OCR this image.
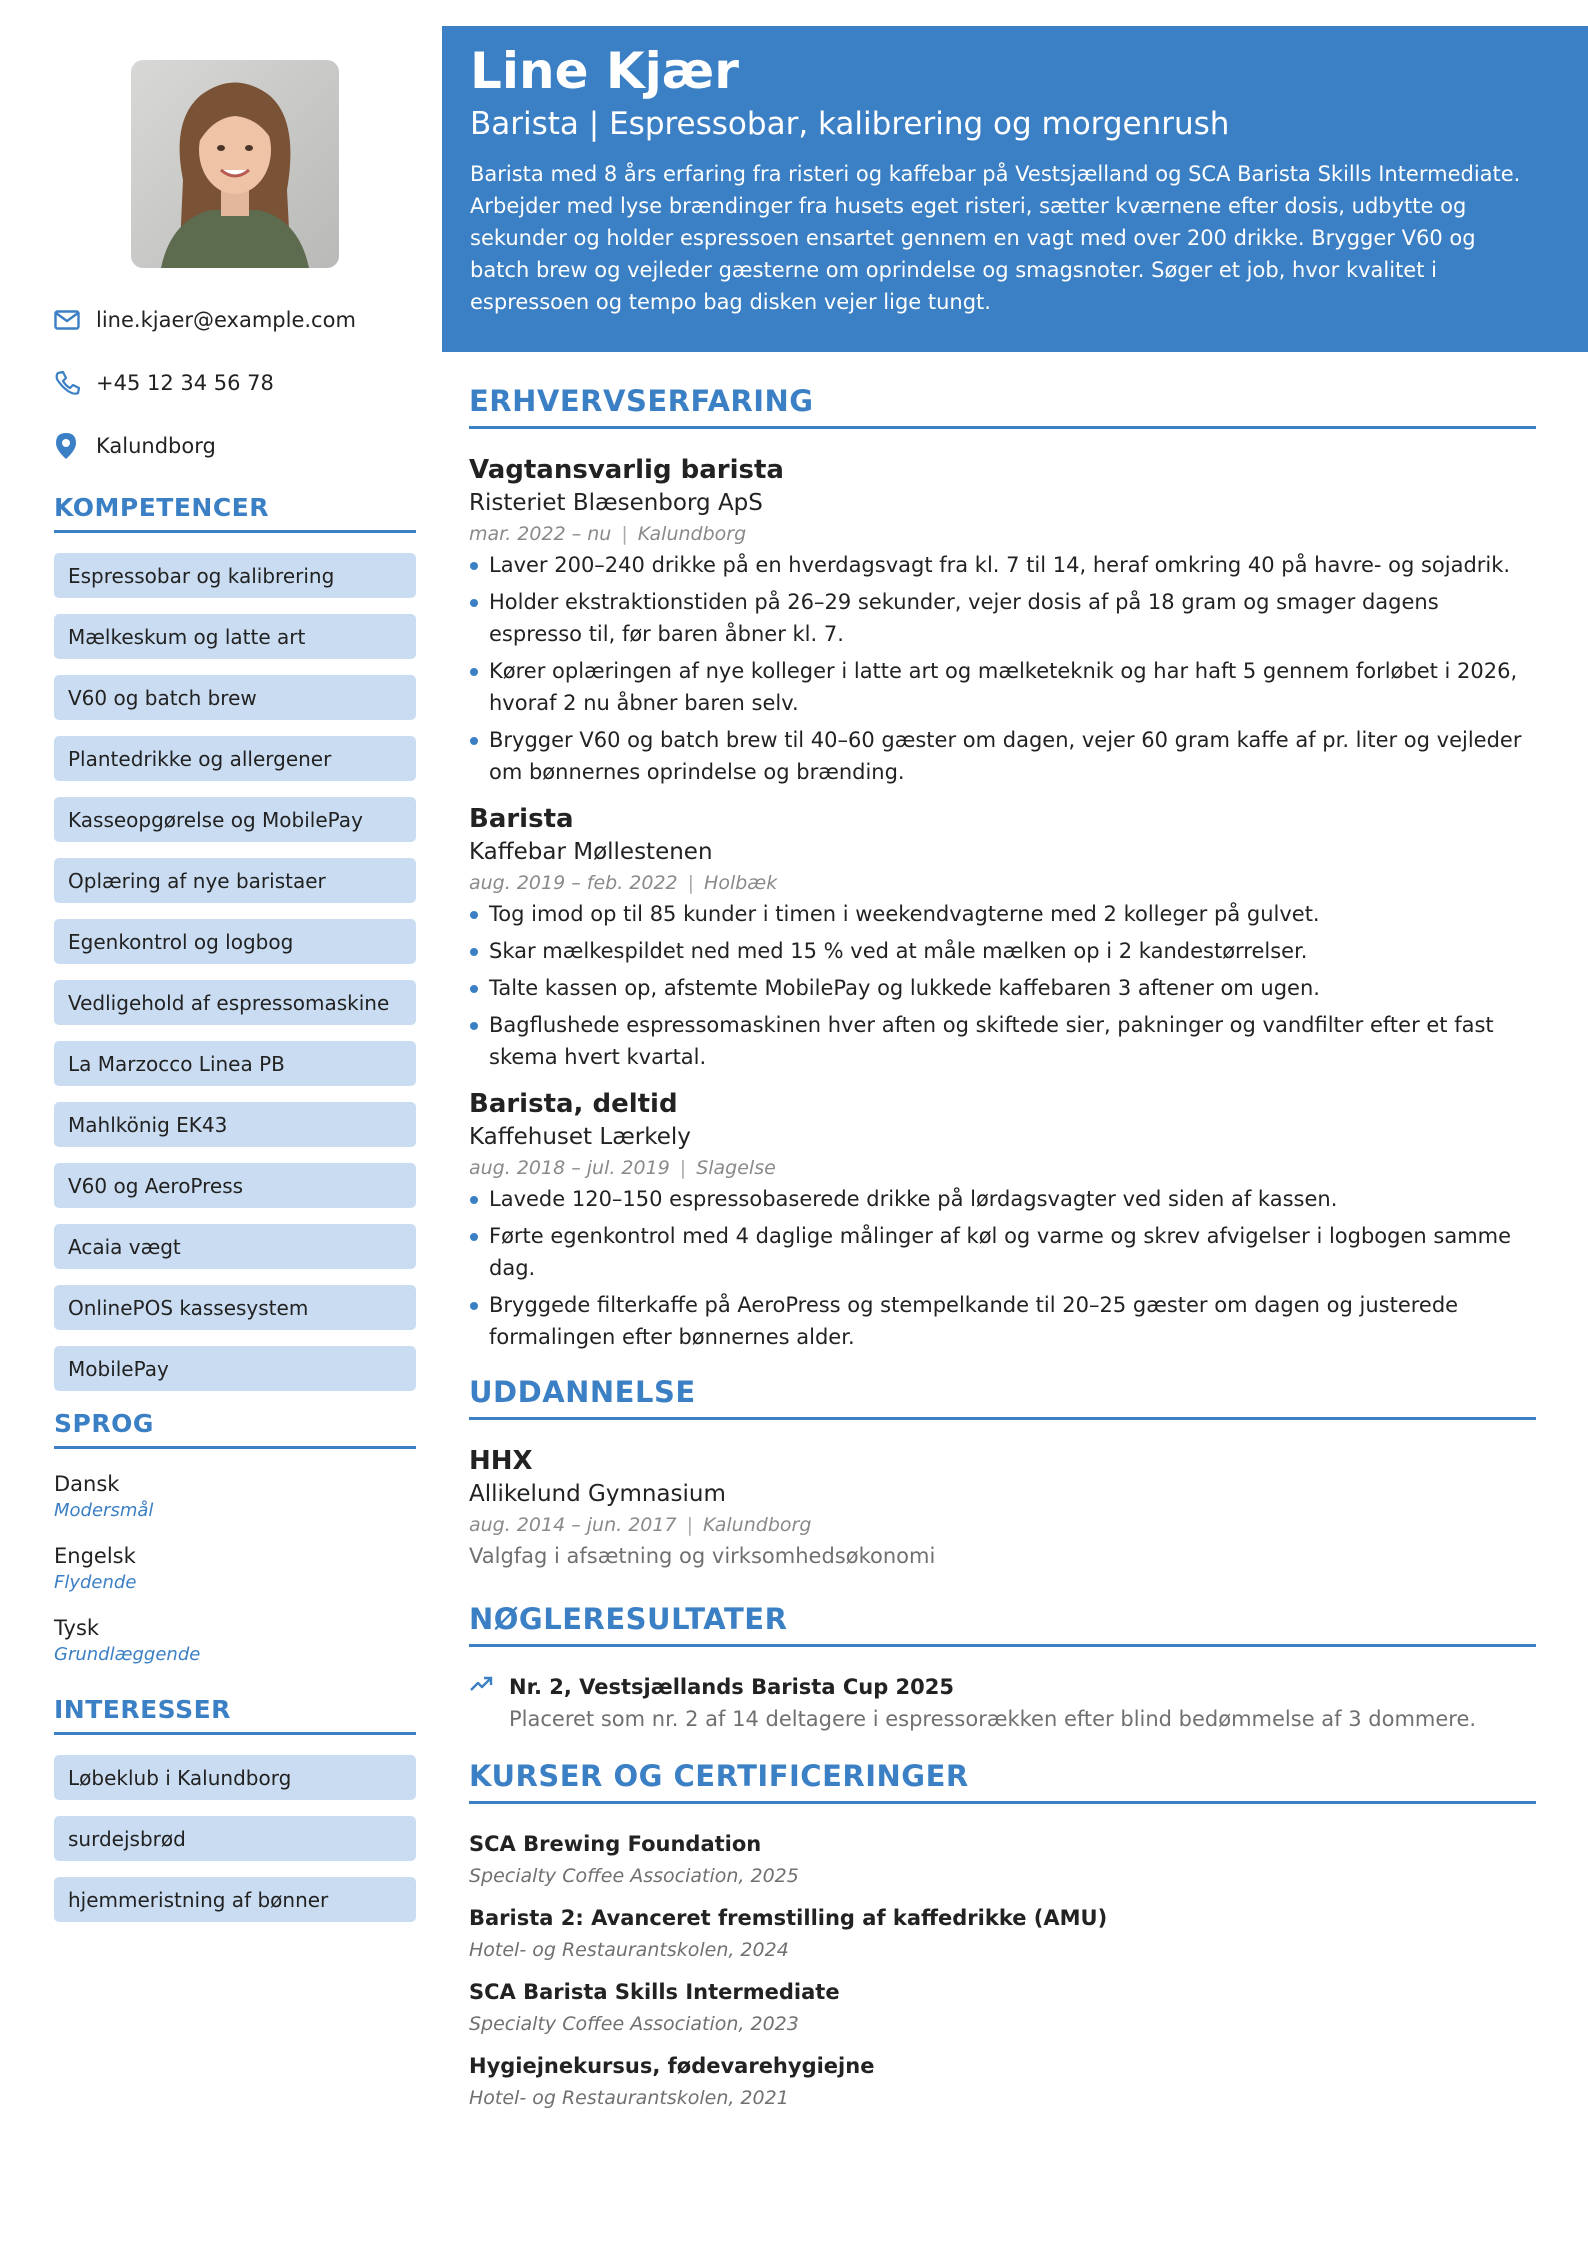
line.kjaer@example.com
+45 12 34 56 78
Kalundborg
KOMPETENCER
Espressobar og kalibrering
Mælkeskum og latte art
V60 og batch brew
Plantedrikke og allergener
Kasseopgørelse og MobilePay
Oplæring af nye baristaer
Egenkontrol og logbog
Vedligehold af espressomaskine
La Marzocco Linea PB
Mahlkönig EK43
V60 og AeroPress
Acaia vægt
OnlinePOS kassesystem
MobilePay
SPROG
Dansk
Modersmål
Engelsk
Flydende
Tysk
Grundlæggende
INTERESSER
Løbeklub i Kalundborg
surdejsbrød
hjemmeristning af bønner
Line Kjær
Barista | Espressobar, kalibrering og morgenrush

Barista med 8 års erfaring fra risteri og kaffebar på Vestsjælland og SCA Barista Skills Intermediate. Arbejder med lyse brændinger fra husets eget risteri, sætter kværnene efter dosis, udbytte og sekunder og holder espressoen ensartet gennem en vagt med over 200 drikke. Brygger V60 og batch brew og vejleder gæsterne om oprindelse og smagsnoter. Søger et job, hvor kvalitet i espressoen og tempo bag disken vejer lige tungt.

ERHVERVSERFARING
Vagtansvarlig barista
Risteriet Blæsenborg ApS
mar. 2022 – nu | Kalundborg
Laver 200–240 drikke på en hverdagsvagt fra kl. 7 til 14, heraf omkring 40 på havre- og sojadrik.
Holder ekstraktionstiden på 26–29 sekunder, vejer dosis af på 18 gram og smager dagens espresso til, før baren åbner kl. 7.
Kører oplæringen af nye kolleger i latte art og mælketeknik og har haft 5 gennem forløbet i 2026, hvoraf 2 nu åbner baren selv.
Brygger V60 og batch brew til 40–60 gæster om dagen, vejer 60 gram kaffe af pr. liter og vejleder om bønnernes oprindelse og brænding.
Barista
Kaffebar Møllestenen
aug. 2019 – feb. 2022 | Holbæk
Tog imod op til 85 kunder i timen i weekendvagterne med 2 kolleger på gulvet.
Skar mælkespildet ned med 15 % ved at måle mælken op i 2 kandestørrelser.
Talte kassen op, afstemte MobilePay og lukkede kaffebaren 3 aftener om ugen.
Bagflushede espressomaskinen hver aften og skiftede sier, pakninger og vandfilter efter et fast skema hvert kvartal.
Barista, deltid
Kaffehuset Lærkely
aug. 2018 – jul. 2019 | Slagelse
Lavede 120–150 espressobaserede drikke på lørdagsvagter ved siden af kassen.
Førte egenkontrol med 4 daglige målinger af køl og varme og skrev afvigelser i logbogen samme dag.
Bryggede filterkaffe på AeroPress og stempelkande til 20–25 gæster om dagen og justerede formalingen efter bønnernes alder.
UDDANNELSE
HHX
Allikelund Gymnasium
aug. 2014 – jun. 2017 | Kalundborg
Valgfag i afsætning og virksomhedsøkonomi
NØGLERESULTATER
Nr. 2, Vestsjællands Barista Cup 2025
Placeret som nr. 2 af 14 deltagere i espressorækken efter blind bedømmelse af 3 dommere.
KURSER OG CERTIFICERINGER
SCA Brewing Foundation
Specialty Coffee Association, 2025
Barista 2: Avanceret fremstilling af kaffedrikke (AMU)
Hotel- og Restaurantskolen, 2024
SCA Barista Skills Intermediate
Specialty Coffee Association, 2023
Hygiejnekursus, fødevarehygiejne
Hotel- og Restaurantskolen, 2021
